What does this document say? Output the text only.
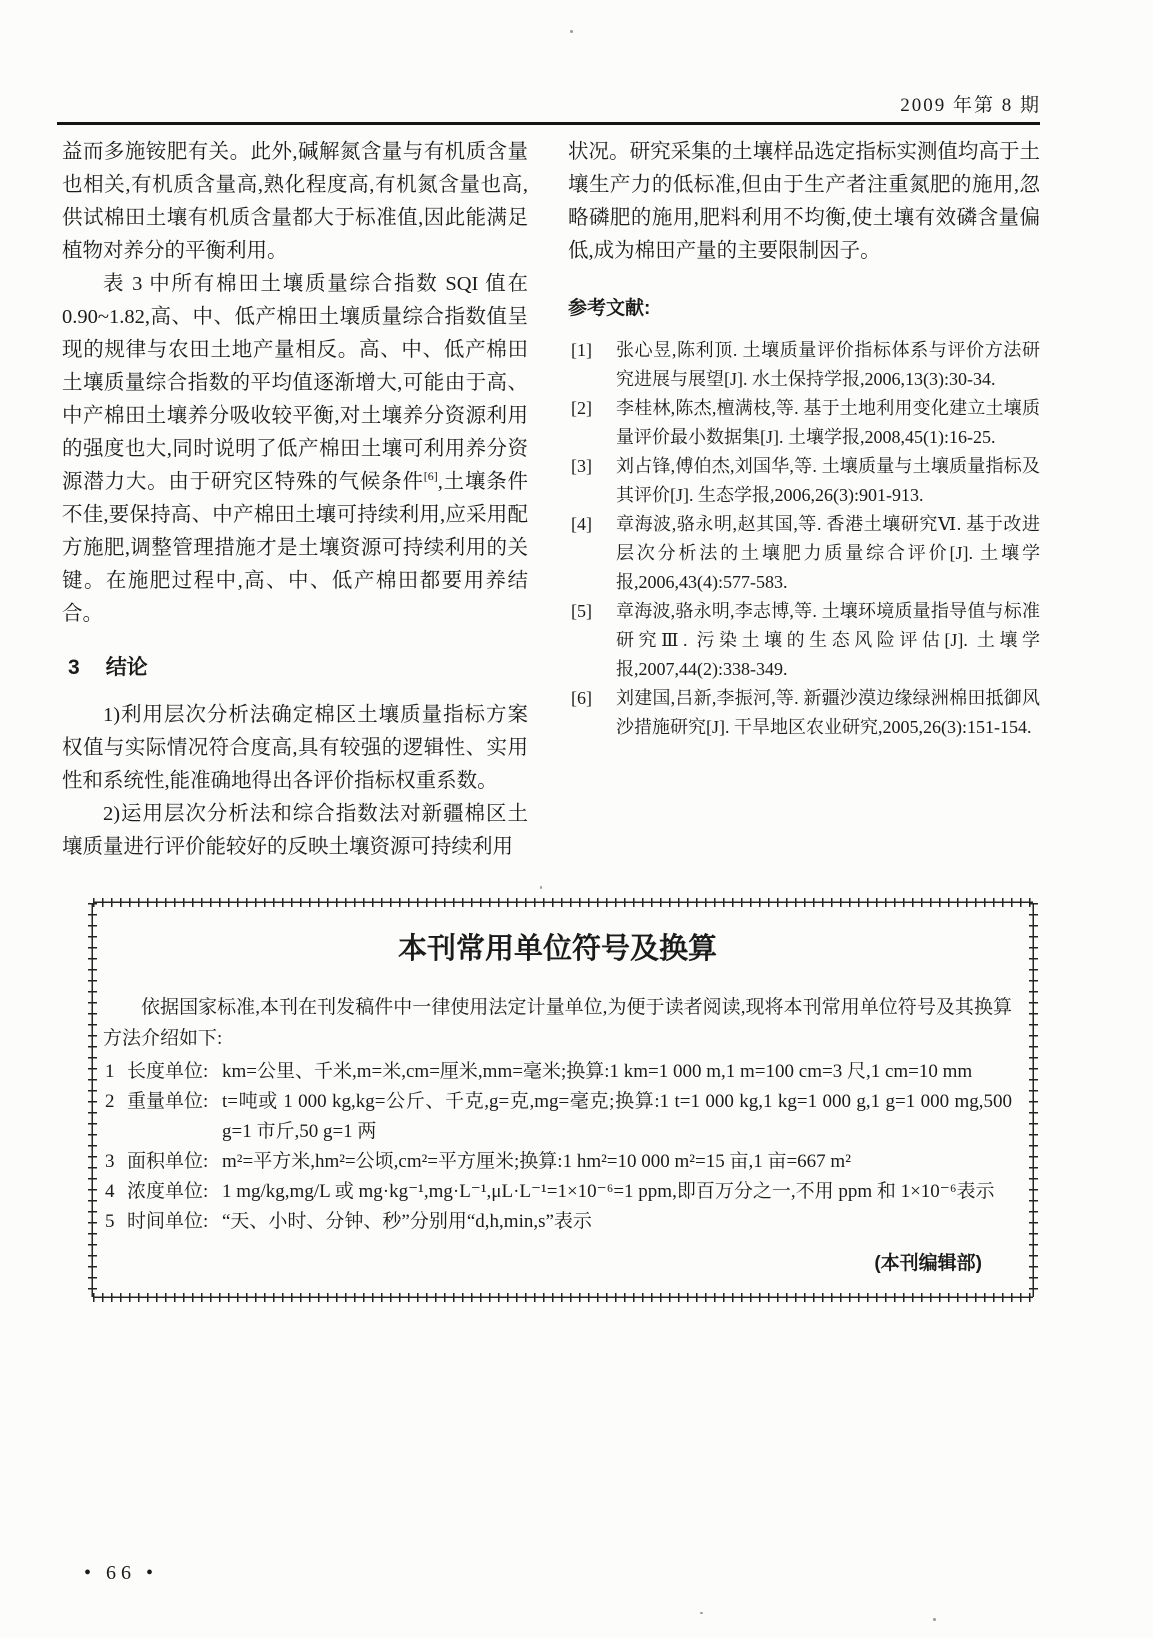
2009 年第 8 期

益而多施铵肥有关。此外,碱解氮含量与有机质含量也相关,有机质含量高,熟化程度高,有机氮含量也高,供试棉田土壤有机质含量都大于标准值,因此能满足植物对养分的平衡利用。

表 3 中所有棉田土壤质量综合指数 SQI 值在0.90~1.82,高、中、低产棉田土壤质量综合指数值呈现的规律与农田土地产量相反。高、中、低产棉田土壤质量综合指数的平均值逐渐增大,可能由于高、中产棉田土壤养分吸收较平衡,对土壤养分资源利用的强度也大,同时说明了低产棉田土壤可利用养分资源潜力大。由于研究区特殊的气候条件[6],土壤条件不佳,要保持高、中产棉田土壤可持续利用,应采用配方施肥,调整管理措施才是土壤资源可持续利用的关键。在施肥过程中,高、中、低产棉田都要用养结合。

3 结论

1)利用层次分析法确定棉区土壤质量指标方案权值与实际情况符合度高,具有较强的逻辑性、实用性和系统性,能准确地得出各评价指标权重系数。

2)运用层次分析法和综合指数法对新疆棉区土壤质量进行评价能较好的反映土壤资源可持续利用

状况。研究采集的土壤样品选定指标实测值均高于土壤生产力的低标准,但由于生产者注重氮肥的施用,忽略磷肥的施用,肥料利用不均衡,使土壤有效磷含量偏低,成为棉田产量的主要限制因子。

参考文献:
[1] 张心昱,陈利顶. 土壤质量评价指标体系与评价方法研究进展与展望[J]. 水土保持学报,2006,13(3):30-34.
[2] 李桂林,陈杰,檀满枝,等. 基于土地利用变化建立土壤质量评价最小数据集[J]. 土壤学报,2008,45(1):16-25.
[3] 刘占锋,傅伯杰,刘国华,等. 土壤质量与土壤质量指标及其评价[J]. 生态学报,2006,26(3):901-913.
[4] 章海波,骆永明,赵其国,等. 香港土壤研究Ⅵ. 基于改进层次分析法的土壤肥力质量综合评价[J]. 土壤学报,2006,43(4):577-583.
[5] 章海波,骆永明,李志博,等. 土壤环境质量指导值与标准研究Ⅲ. 污染土壤的生态风险评估[J]. 土壤学报,2007,44(2):338-349.
[6] 刘建国,吕新,李振河,等. 新疆沙漠边缘绿洲棉田抵御风沙措施研究[J]. 干旱地区农业研究,2005,26(3):151-154.
本刊常用单位符号及换算

依据国家标准,本刊在刊发稿件中一律使用法定计量单位,为便于读者阅读,现将本刊常用单位符号及其换算方法介绍如下:

1 长度单位: km=公里、千米,m=米,cm=厘米,mm=毫米;换算:1 km=1 000 m,1 m=100 cm=3 尺,1 cm=10 mm
2 重量单位: t=吨或 1 000 kg,kg=公斤、千克,g=克,mg=毫克;换算:1 t=1 000 kg,1 kg=1 000 g,1 g=1 000 mg,500 g=1 市斤,50 g=1 两
3 面积单位: m²=平方米,hm²=公顷,cm²=平方厘米;换算:1 hm²=10 000 m²=15 亩,1 亩=667 m²
4 浓度单位: 1 mg/kg,mg/L 或 mg·kg⁻¹,mg·L⁻¹,μL·L⁻¹=1×10⁻⁶=1 ppm,即百万分之一,不用 ppm 和 1×10⁻⁶表示
5 时间单位: “天、小时、分钟、秒”分别用“d,h,min,s”表示
(本刊编辑部)
• 66 •
